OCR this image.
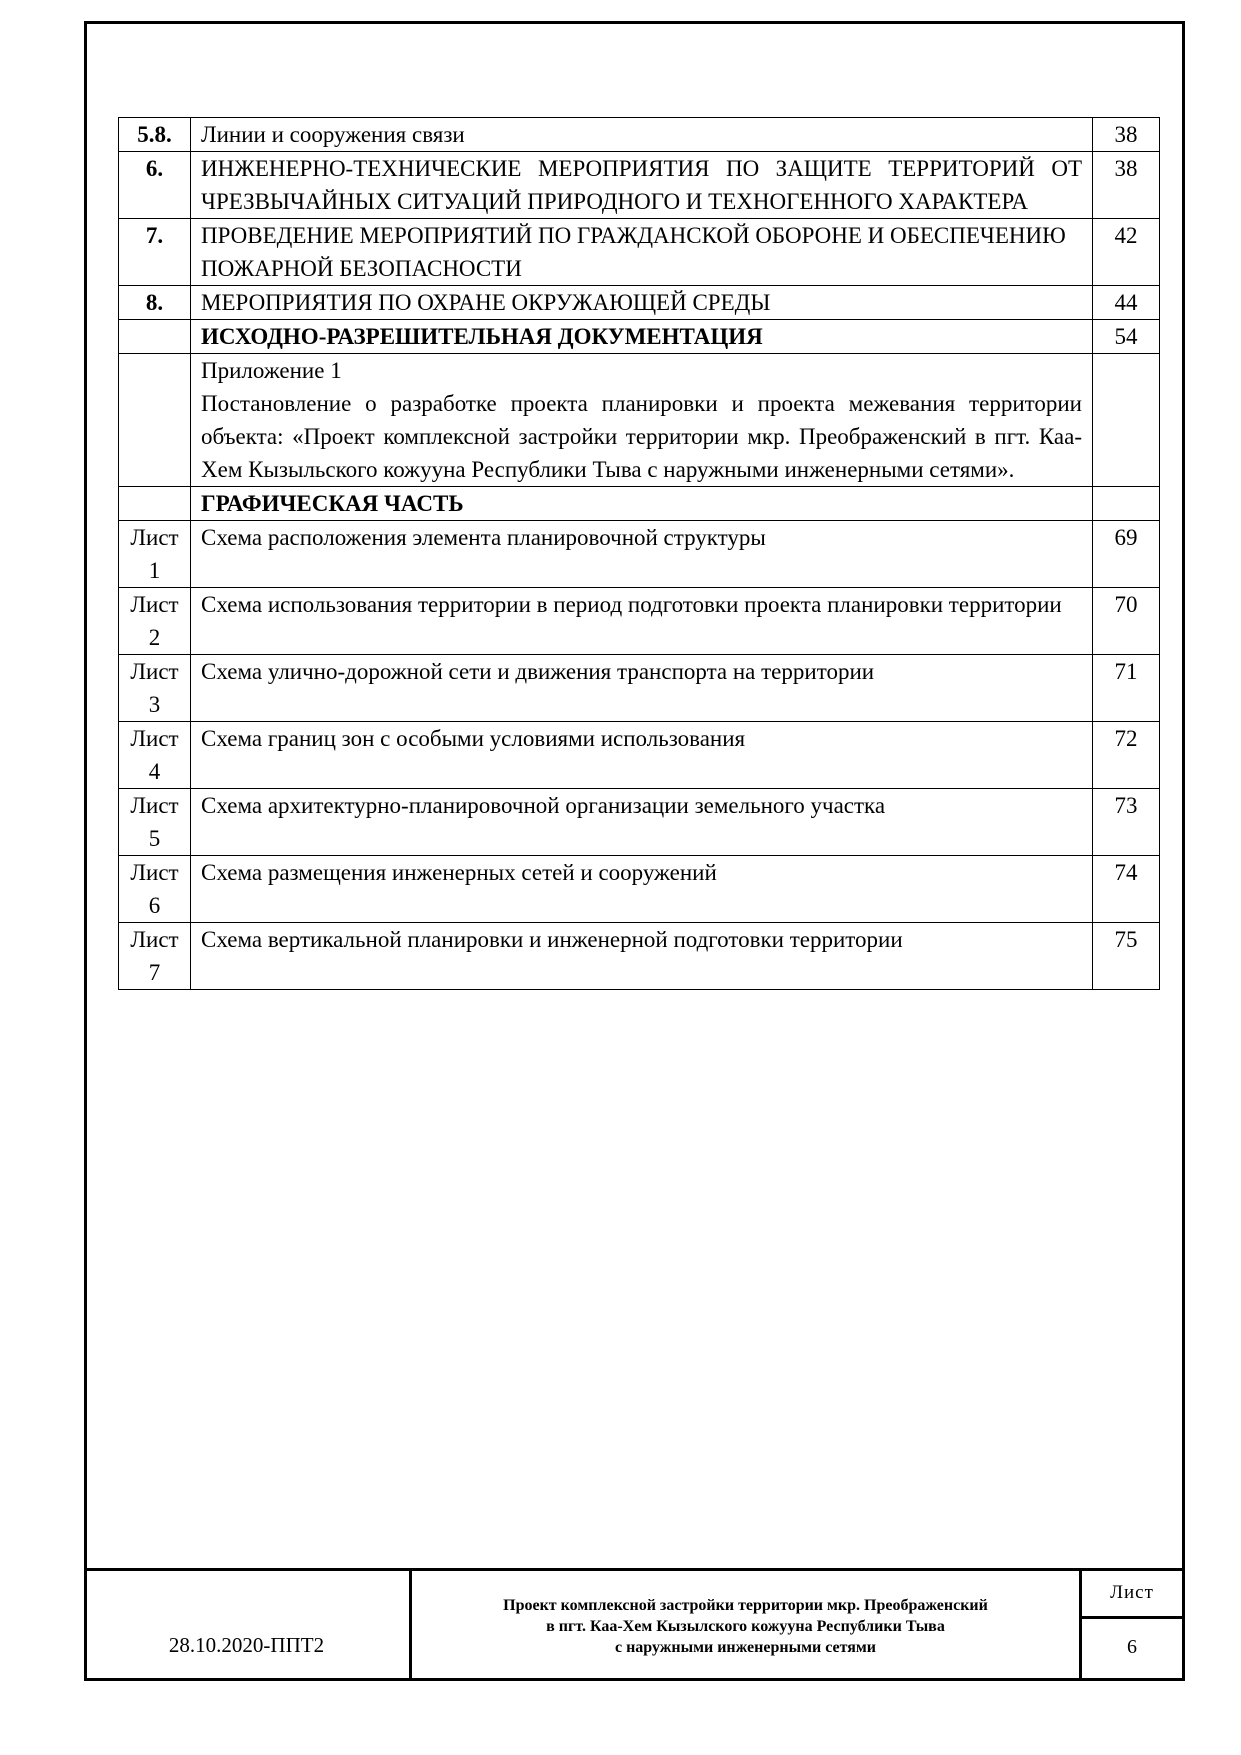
5.8.	Линии и сооружения связи	38
6.	ИНЖЕНЕРНО-ТЕХНИЧЕСКИЕ МЕРОПРИЯТИЯ ПО ЗАЩИТЕ ТЕРРИТОРИЙ ОТ ЧРЕЗВЫЧАЙНЫХ СИТУАЦИЙ ПРИРОДНОГО И ТЕХНОГЕННОГО ХАРАКТЕРА	38
7.	ПРОВЕДЕНИЕ МЕРОПРИЯТИЙ ПО ГРАЖДАНСКОЙ ОБОРОНЕ И ОБЕСПЕЧЕНИЮ ПОЖАРНОЙ БЕЗОПАСНОСТИ	42
8.	МЕРОПРИЯТИЯ ПО ОХРАНЕ ОКРУЖАЮЩЕЙ СРЕДЫ	44
	ИСХОДНО-РАЗРЕШИТЕЛЬНАЯ ДОКУМЕНТАЦИЯ	54

	Приложение 1
Постановление о разработке проекта планировки и проекта межевания территории объекта: «Проект комплексной застройки территории мкр. Преображенский в пгт. Каа-Хем Кызыльского кожууна Республики Тыва с наружными инженерными сетями».	

	ГРАФИЧЕСКАЯ ЧАСТЬ	
Лист 1	Схема расположения элемента планировочной структуры	69
Лист 2	Схема использования территории в период подготовки проекта планировки территории	70
Лист 3	Схема улично-дорожной сети и движения транспорта на территории	71
Лист 4	Схема границ зон с особыми условиями использования	72
Лист 5	Схема архитектурно-планировочной организации земельного участка	73
Лист 6	Схема размещения инженерных сетей и сооружений	74
Лист 7	Схема вертикальной планировки и инженерной подготовки территории	75
28.10.2020-ППТ2
Проект комплексной застройки территории мкр. Преображенский
в пгт. Каа-Хем Кызылского кожууна Республики Тыва
с наружными инженерными сетями
Лист
6
